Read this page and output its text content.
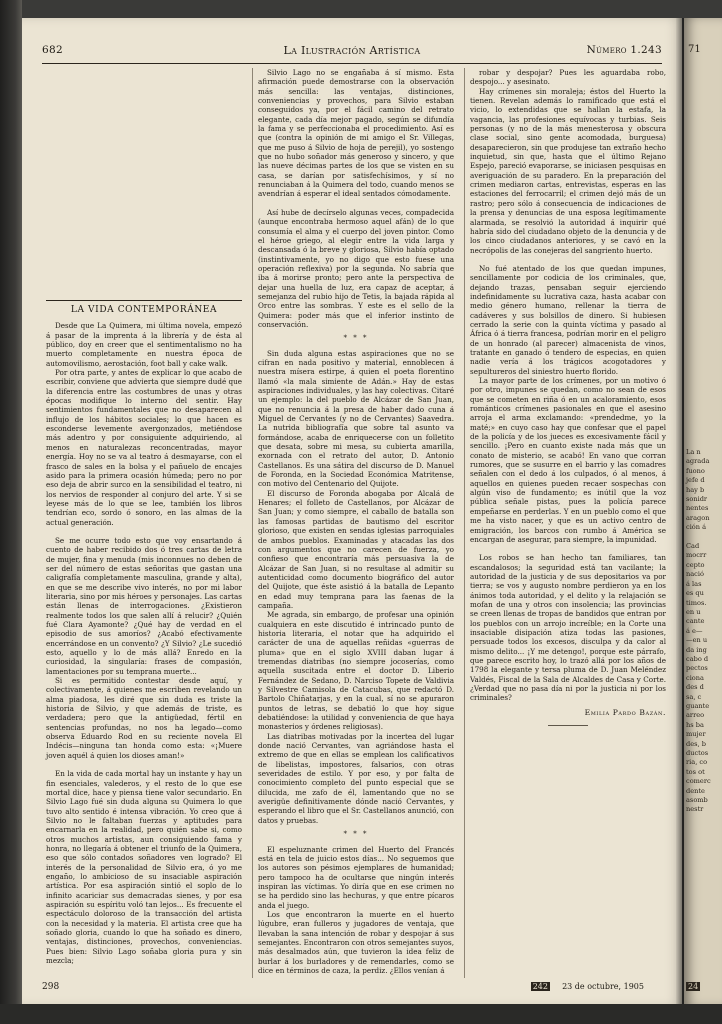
682	La Ilustración Artística	Número 1.243
LA VIDA CONTEMPORÁNEA

Desde que La Quimera, mi última novela, empezó á pasar de la imprenta á la librería y de ésta al público, doy en creer que el sentimentalismo no ha muerto completamente en nuestra época de automovilismo, aerostación, foot ball y cake walk.

Por otra parte, y antes de explicar lo que acabo de escribir, conviene que advierta que siempre dudé que la diferencia entre las costumbres de unas y otras épocas modifique lo interno del sentir. Hay sentimientos fundamentales que no desaparecen al influjo de los hábitos sociales; lo que hacen es esconderse levemente avergonzados, metiéndose más adentro y por consiguiente adquiriendo, al menos en naturalezas reconcentradas, mayor energía. Hoy no se va al teatro á desmayarse, con el frasco de sales en la bolsa y el pañuelo de encajes asido para la primera ocasión húmeda; pero no por eso deja de abrir surco en la sensibilidad el teatro, ni los nervios de responder al conjuro del arte. Y si se leyese más de lo que se lee, también los libros tendrían eco, sordo ó sonoro, en las almas de la actual generación.

Se me ocurre todo esto que voy ensartando á cuento de haber recibido dos ó tres cartas de letra de mujer, fina y menuda (mis inconnues no deben de ser del número de estas señoritas que gastan una caligrafía completamente masculina, grande y alta), en que se me describe vivo interés, no por mi labor literaria, sino por mis héroes y personajes. Las cartas están llenas de interrogaciones. ¿Existieron realmente todos los que salen allí á relucir? ¿Quién fué Clara Ayamonte? ¿Qué hay de verdad en el episodio de sus amoríos? ¿Acabó efectivamente encerrándose en un convento? ¿Y Silvio? ¿Le sucedió esto, aquello y lo de más allá? Enredo en la curiosidad, la singularía: frases de compasión, lamentaciones por su temprana muerte...

Si es permitido contestar desde aquí, y colectivamente, á quienes me escriben revelando un alma piadosa, les diré que sin duda es triste la historia de Silvio, y que además de triste, es verdadera; pero que la antigüedad, fértil en sentencias profundas, no nos ha legado—como observa Eduardo Rod en su reciente novela El Indécis—ninguna tan honda como esta: «¡Muere joven aquél á quien los dioses aman!»

En la vida de cada mortal hay un instante y hay un fin esenciales, valederos, y el resto de lo que ese mortal dice, hace y piensa tiene valor secundario. En Silvio Lago fué sin duda alguna su Quimera lo que tuvo alto sentido é intensa vibración. Yo creo que á Silvio no le faltaban fuerzas y aptitudes para encarnarla en la realidad, pero quién sabe si, como otros muchos artistas, aun consiguiendo fama y honra, no llegaría á obtener el triunfo de la Quimera, eso que sólo contados soñadores ven logrado? El interés de la personalidad de Silvio era, ó yo me engaño, lo ambicioso de su insaciable aspiración artística. Por esa aspiración sintió el soplo de lo infinito acariciar sus demacradas sienes, y por esa aspiración su espíritu voló tan lejos... Es frecuente el espectáculo doloroso de la transacción del artista con la necesidad y la materia. El artista cree que ha soñado gloria, cuando lo que ha soñado es dinero, ventajas, distinciones, provechos, conveniencias. Pues bien: Silvio Lago soñaba gloria pura y sin mezcla;

Silvio Lago no se engañaba á sí mismo. Esta afirmación puede demostrarse con la observación más sencilla: las ventajas, distinciones, conveniencias y provechos, para Silvio estaban conseguidos ya, por el fácil camino del retrato elegante, cada día mejor pagado, según se difundía la fama y se perfeccionaba el procedimiento. Así es que (contra la opinión de mi amigo el Sr. Villegas, que me puso á Silvio de hoja de perejil), yo sostengo que no hubo soñador más generoso y sincero, y que las nueve décimas partes de los que se visten en su casa, se darían por satisfechísimos, y sí no renunciaban á la Quimera del todo, cuando menos se avendrían á esperar el ideal sentados cómodamente.

Así hube de decírselo algunas veces, compadecida (aunque encontraba hermoso aquel afán) de lo que consumía el alma y el cuerpo del joven pintor. Como el héroe griego, al elegir entre la vida larga y descansada ó la breve y gloriosa, Silvio había optado (instintivamente, yo no digo que esto fuese una operación reflexiva) por la segunda. No sabría que iba á morirse pronto; pero ante la perspectiva de dejar una huella de luz, era capaz de aceptar, á semejanza del rubio hijo de Tetis, la bajada rápida al Orco entre las sombras. Y este es el sello de la Quimera: poder más que el inferior instinto de conservación.

* * *

Sin duda alguna estas aspiraciones que no se cifran en nada positivo y material, ennoblecen á nuestra mísera estirpe, á quien el poeta florentino llamó «la mala simiente de Adán.» Hay de estas aspiraciones individuales, y las hay colectivas. Citaré un ejemplo: la del pueblo de Alcázar de San Juan, que no renuncia á la presa de haber dado cuna á Miguel de Cervantes (y no de Cervantes) Saavedra. La nutrida bibliografía que sobre tal asunto va formándose, acaba de enriquecerse con un folletito que desata, sobre mi mesa, su cubierta amarilla, exornada con el retrato del autor, D. Antonio Castellanos. Es una sátira del discurso de D. Manuel de Foronda, en la Sociedad Económica Matritense, con motivo del Centenario del Quijote.

El discurso de Foronda abogaba por Alcalá de Henares; el folleto de Castellanos, por Alcázar de San Juan; y como siempre, el caballo de batalla son las famosas partidas de bautismo del escritor glorioso, que existen en sendas iglesias parroquiales de ambos pueblos. Examinadas y atacadas las dos con argumentos que no carecen de fuerza, yo confieso que encontraría más persuasiva la de Alcázar de San Juan, si no resultase al admitir su autenticidad como documento biográfico del autor del Quijote, que éste asistió á la batalla de Lepanto en edad muy temprana para las faenas de la campaña.

Me agrada, sin embargo, de profesar una opinión cualquiera en este discutido é intrincado punto de historia literaria, el notar que ha adquirido el carácter de una de aquellas reñidas «guerras de pluma» que en el siglo XVIII daban lugar á tremendas diatribas (no siempre jocoserías, como aquella suscitada entre el doctor D. Liberio Fernández de Sedano, D. Narciso Topete de Valdivia y Silvestre Camisola de Catacubas, que redactó D. Bartolo Chiñatarjas, y en la cual, sí no se apuraron puntos de letras, se debatió lo que hoy sigue debatiéndose: la utilidad y conveniencia de que haya monasterios y órdenes religiosas).

Las diatribas motivadas por la incertea del lugar donde nació Cervantes, van agriándose hasta el extremo de que en ellas se emplean los calificativos de libelistas, impostores, falsarios, con otras severidades de estilo. Y por eso, y por falta de conocimiento completo del punto especial que se dilucida, me zafo de él, lamentando que no se averigüe definitivamente dónde nació Cervantes, y esperando el libro que el Sr. Castellanos anunció, con datos y pruebas.

* * *

El espeluznante crimen del Huerto del Francés está en tela de juicio estos días... No seguemos que los autores son pésimos ejemplares de humanidad; pero tampoco ha de ocultarse que ningún interés inspiran las víctimas. Yo diría que en ese crimen no se ha perdido sino las hechuras, y que entre pícaros anda el juego.

Los que encontraron la muerte en el huerto lúgubre, eran fulleros y jugadores de ventaja, que llevaban la sana intención de robar y despojar á sus semejantes. Encontraron con otros semejantes suyos, más desalmados aún, que tuvieron la idea feliz de burlar á los burladores y de remendarles, como se dice en términos de caza, la perdiz. ¿Ellos venían á

robar y despojar? Pues les aguardaba robo, despojo... y asesinato.

Hay crímenes sin moraleja; éstos del Huerto la tienen. Revelan además lo ramificado que está el vicio, lo extendidas que se hallan la estafa, la vagancia, las profesiones equívocas y turbias. Seis personas (y no de la más menesterosa y obscura clase social, sino gente acomodada, burguesa) desaparecieron, sin que produjese tan extraño hecho inquietud, sin que, hasta que el último Rejano Espejo, pareció evaporarse, se iniciasen pesquisas en averiguación de su paradero. En la preparación del crimen mediaron cartas, entrevistas, esperas en las estaciones del ferrocarril; el crimen dejó más de un rastro; pero sólo á consecuencia de indicaciones de la prensa y denuncias de una esposa legítimamente alarmada, se resolvió la autoridad á inquirir qué habría sido del ciudadano objeto de la denuncia y de los cinco ciudadanos anteriores, y se cavó en la necrópolis de las conejeras del sangriento huerto.

No fué atentado de los que quedan impunes, sencillamente por codicia de los criminales, que, dejando trazas, pensaban seguir ejerciendo indefinidamente su lucrativa caza, hasta acabar con medio género humano, rellenar la tierra de cadáveres y sus bolsillos de dinero. Si hubiesen cerrado la serie con la quinta víctima y pasado al África ó á tierra francesa, podrían morir en el peligro de un honrado (al parecer) almacenista de vinos, tratante en ganado ó tendero de especias, en quien nadie vería á los trágicos acogotadores y sepultureros del siniestro huerto florido.

La mayor parte de los crímenes, por un motivo ó por otro, impunes se quedan, como no sean de esos que se cometen en riña ó en un acaloramiento, esos románticos crímenes pasionales en que el asesino arroja el arma exclamando: «prendedme, yo la maté;» en cuyo caso hay que confesar que el papel de la policía y de los jueces es excesivamente fácil y sencillo. ¡Pero en cuanto existe nada más que un conato de misterio, se acabó! En vano que corran rumores, que se susurre en el barrio y las comadres señalen con el dedo á los culpados, ó al menos, á aquellos en quienes pueden recaer sospechas con algún viso de fundamento; es inútil que la voz pública señale pistas, pues la policía parece empeñarse en perderlas. Y en un pueblo como el que me ha visto nacer, y que es un activo centro de emigración, los barcos con rumbo á América se encargan de asegurar, para siempre, la impunidad.

Los robos se han hecho tan familiares, tan escandalosos; la seguridad está tan vacilante; la autoridad de la justicia y de sus depositarios va por tierra; se vos y augusto nombre perdieron ya en los ánimos toda autoridad, y el delito y la relajación se mofan de una y otros con insolencia; las provincias se creen llenas de tropas de bandidos que entran por los pueblos con un arrojo increíble; en la Corte una insaciable disipación atiza todas las pasiones, persuade todos los excesos, disculpa y da calor al mismo delito... ¡Y me detengo!, porque este párrafo, que parece escrito hoy, lo trazó allá por los años de 1798 la elegante y tersa pluma de D. Juan Meléndez Valdés, Fiscal de la Sala de Alcaldes de Casa y Corte. ¿Verdad que no pasa día ni por la justicia ni por los criminales?

Emilia Pardo Bazán.
298	242 23 de octubre, 1905
71
La n
agrada
fuono
jefe d
hay b
sonidr
nentes
aragon
ción á

Cad
mocrr
cepto
nació
á las
es qu
timos.
en u
cante
á e—
—en u
da ing
cabo d
pectos
ciona
des d
sa, c
guante
arreo
hs ba
mujer
des, b
ductos
ria, co
tos ot
comerc
dente
asomb
nestr
24
